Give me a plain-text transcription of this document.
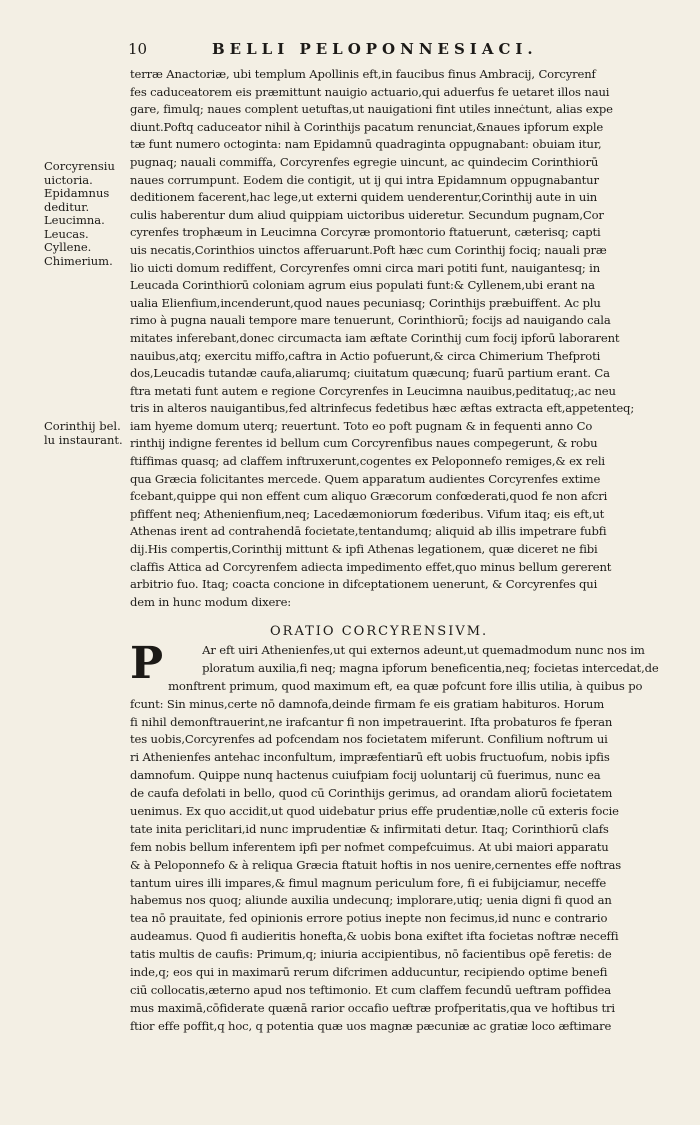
10	BELLI PELOPONNESIACI.

Corcyrensiu

uictoria.

Epidamnus

deditur.

Leucimna.

Leucas.

Cyllene.

Chimerium.

Corinthij bel.

lu instaurant.

terræ Anactoriæ, ubi templum Apollinis eft,in faucibus finus Ambracij, Corcyrenf
fes caduceatorem eis præmittunt nauigio actuario,qui aduerfus fe uetaret illos naui
gare, fimulq; naues complent uetuftas,ut nauigationi fint utiles inneċtunt, alias expe
diunt.Poftq caduceator nihil à Corinthijs pacatum renunciat,&naues ipforum exple
tæ funt numero octoginta: nam Epidamnū quadraginta oppugnabant: obuiam itur,
pugnaq; nauali commiffa, Corcyrenfes egregie uincunt, ac quindecim Corinthiorū
naues corrumpunt. Eodem die contigit, ut ij qui intra Epidamnum oppugnabantur
deditionem facerent,hac lege,ut externi quidem uenderentur,Corinthij aute in uin
culis haberentur dum aliud quippiam uictoribus uideretur. Secundum pugnam,Cor
cyrenfes trophæum in Leucimna Corcyræ promontorio ftatuerunt, cæterisq; capti
uis necatis,Corinthios uinctos afferuarunt.Poft hæc cum Corinthij fociq; nauali præ
lio uicti domum rediffent, Corcyrenfes omni circa mari potiti funt, nauigantesq; in
Leucada Corinthiorū coloniam agrum eius populati funt:& Cyllenem,ubi erant na
ualia Elienfium,incenderunt,quod naues pecuniasq; Corinthijs præbuiffent. Ac plu
rimo à pugna nauali tempore mare tenuerunt, Corinthiorū; focijs ad nauigando cala
mitates inferebant,donec circumacta iam æftate Corinthij cum focij ipforū laborarent
nauibus,atq; exercitu miffo,caftra in Actio pofuerunt,& circa Chimerium Thefproti
dos,Leucadis tutandæ caufa,aliarumq; ciuitatum quæcunq; fuarū partium erant. Ca
ftra metati funt autem e regione Corcyrenfes in Leucimna nauibus,peditatuq;,ac neu
tris in alteros nauigantibus,fed altrinfecus fedetibus hæc æftas extracta eft,appetenteq;
iam hyeme domum uterq; reuertunt. Toto eo poft pugnam & in fequenti anno Co
rinthij indigne ferentes id bellum cum Corcyrenfibus naues compegerunt, & robu
ftiffimas quasq; ad claffem inftruxerunt,cogentes ex Peloponnefo remiges,& ex reli
qua Græcia folicitantes mercede. Quem apparatum audientes Corcyrenfes extime
fcebant,quippe qui non effent cum aliquo Græcorum confœderati,quod fe non afcri
pfiffent neq; Athenienfium,neq; Lacedæmoniorum fœderibus. Vifum itaq; eis eft,ut
Athenas irent ad contrahendā focietate,tentandumq; aliquid ab illis impetrare fubfi
dij.His compertis,Corinthij mittunt & ipfi Athenas legationem, quæ diceret ne fibi
claffis Attica ad Corcyrenfem adiecta impedimento effet,quo minus bellum gererent
arbitrio fuo. Itaq; coacta concione in difceptationem uenerunt, & Corcyrenfes qui
dem in hunc modum dixere:
ORATIO CORCYRENSIVM.
P	Ar eft uiri Athenienfes,ut qui externos adeunt,ut quemadmodum nunc nos im
ploratum auxilia,fi neq; magna ipforum beneficentia,neq; focietas intercedat,de
monftrent primum, quod maximum eft, ea quæ pofcunt fore illis utilia, à quibus po
fcunt: Sin minus,certe nō damnofa,deinde firmam fe eis gratiam habituros. Horum
fi nihil demonftrauerint,ne irafcantur fi non impetrauerint. Ifta probaturos fe fperan
tes uobis,Corcyrenfes ad pofcendam nos focietatem miferunt. Confilium noftrum ui
ri Athenienfes antehac inconfultum, impræfentiarū eft uobis fructuofum, nobis ipfis
damnofum. Quippe nunq hactenus cuiufpiam focij uoluntarij cū fuerimus, nunc ea
de caufa defolati in bello, quod cū Corinthijs gerimus, ad orandam aliorū focietatem
uenimus. Ex quo accidit,ut quod uidebatur prius effe prudentiæ,nolle cū exteris focie
tate inita periclitari,id nunc imprudentiæ & infirmitati detur. Itaq; Corinthiorū clafs
fem nobis bellum inferentem ipfi per nofmet compefcuimus. At ubi maiori apparatu
& à Peloponnefo & à reliqua Græcia ftatuit hoftis in nos uenire,cernentes effe noftras
tantum uires illi impares,& fimul magnum periculum fore, fi ei fubijciamur, neceffe
habemus nos quoq; aliunde auxilia undecunq; implorare,utiq; uenia digni fi quod an
tea nō prauitate, fed opinionis errore potius inepte non fecimus,id nunc e contrario
audeamus. Quod fi audieritis honefta,& uobis bona exiftet ifta focietas noftræ neceffi
tatis multis de caufis: Primum,q; iniuria accipientibus, nō facientibus opē feretis: de
inde,q; eos qui in maximarū rerum difcrimen adducuntur, recipiendo optime benefi
ciū collocatis,æterno apud nos teftimonio. Et cum claffem fecundū ueftram poffidea
mus maximā,cōfiderate quænā rarior occafio ueftræ profperitatis,qua ve hoftibus tri
ftior effe poffit,q hoc, q potentia quæ uos magnæ pæcuniæ ac gratiæ loco æftimare
